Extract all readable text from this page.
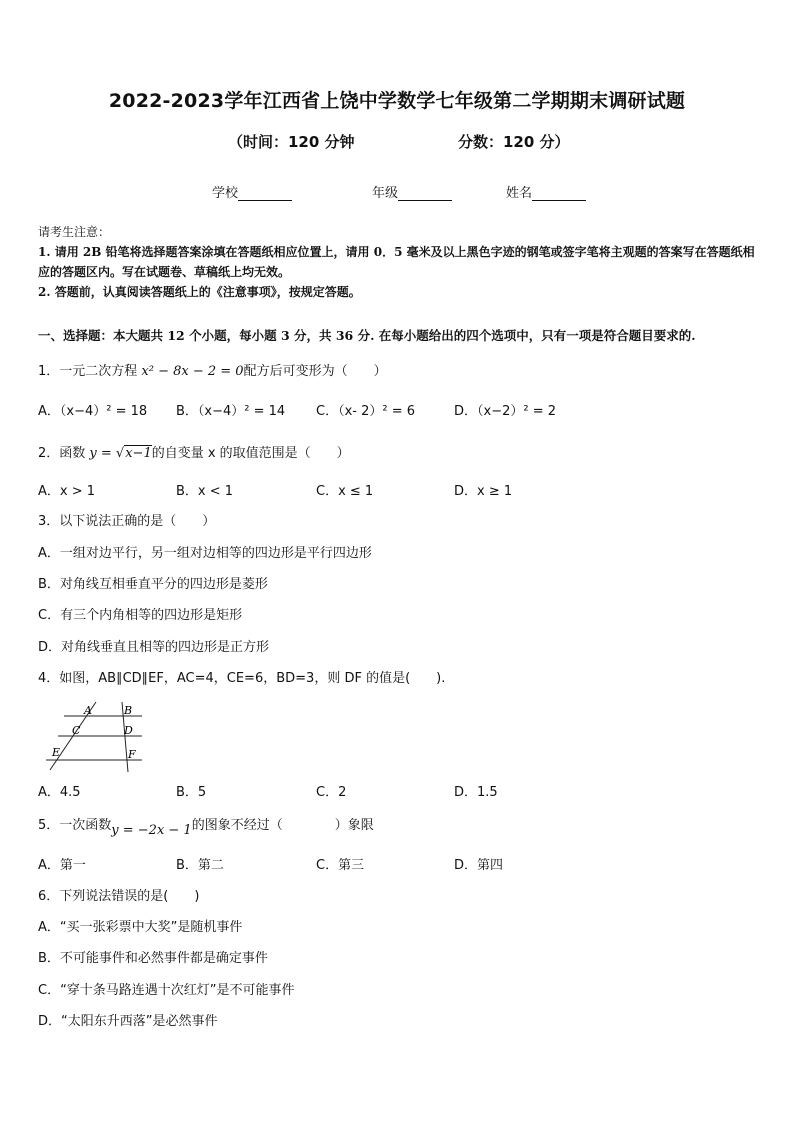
2022-2023学年江西省上饶中学数学七年级第二学期期末调研试题
（时间：120 分钟	分数：120 分）
学校	年级	姓名

请考生注意：

1. 请用 2B 铅笔将选择题答案涂填在答题纸相应位置上，请用 0．5 毫米及以上黑色字迹的钢笔或签字笔将主观题的答案写在答题纸相应的答题区内。写在试题卷、草稿纸上均无效。

2. 答题前，认真阅读答题纸上的《注意事项》，按规定答题。

一、选择题：本大题共 12 个小题，每小题 3 分，共 36 分. 在每小题给出的四个选项中，只有一项是符合题目要求的.
1．一元二次方程 x² − 8x − 2 = 0配方后可变形为（　　）
A．（x−4）² = 18 B．（x−4）² = 14 C．（x- 2）² = 6	D．（x−2）² = 2
2．函数 y = √x−1的自变量 x 的取值范围是（　　）
A．x > 1	B．x < 1	C．x ≤ 1	D．x ≥ 1
3．以下说法正确的是（　　）
A．一组对边平行，另一组对边相等的四边形是平行四边形
B．对角线互相垂直平分的四边形是菱形
C．有三个内角相等的四边形是矩形
D．对角线垂直且相等的四边形是正方形
4．如图，AB∥CD∥EF，AC=4，CE=6，BD=3，则 DF 的值是(　　).
A	B
C	D
E	F
A．4.5	B．5	C．2	D．1.5
5．一次函数y = −2x − 1的图象不经过（　　　　）象限
A．第一	B．第二	C．第三	D．第四
6．下列说法错误的是(　　)
A．“买一张彩票中大奖”是随机事件
B．不可能事件和必然事件都是确定事件
C．“穿十条马路连遇十次红灯”是不可能事件
D．“太阳东升西落”是必然事件
